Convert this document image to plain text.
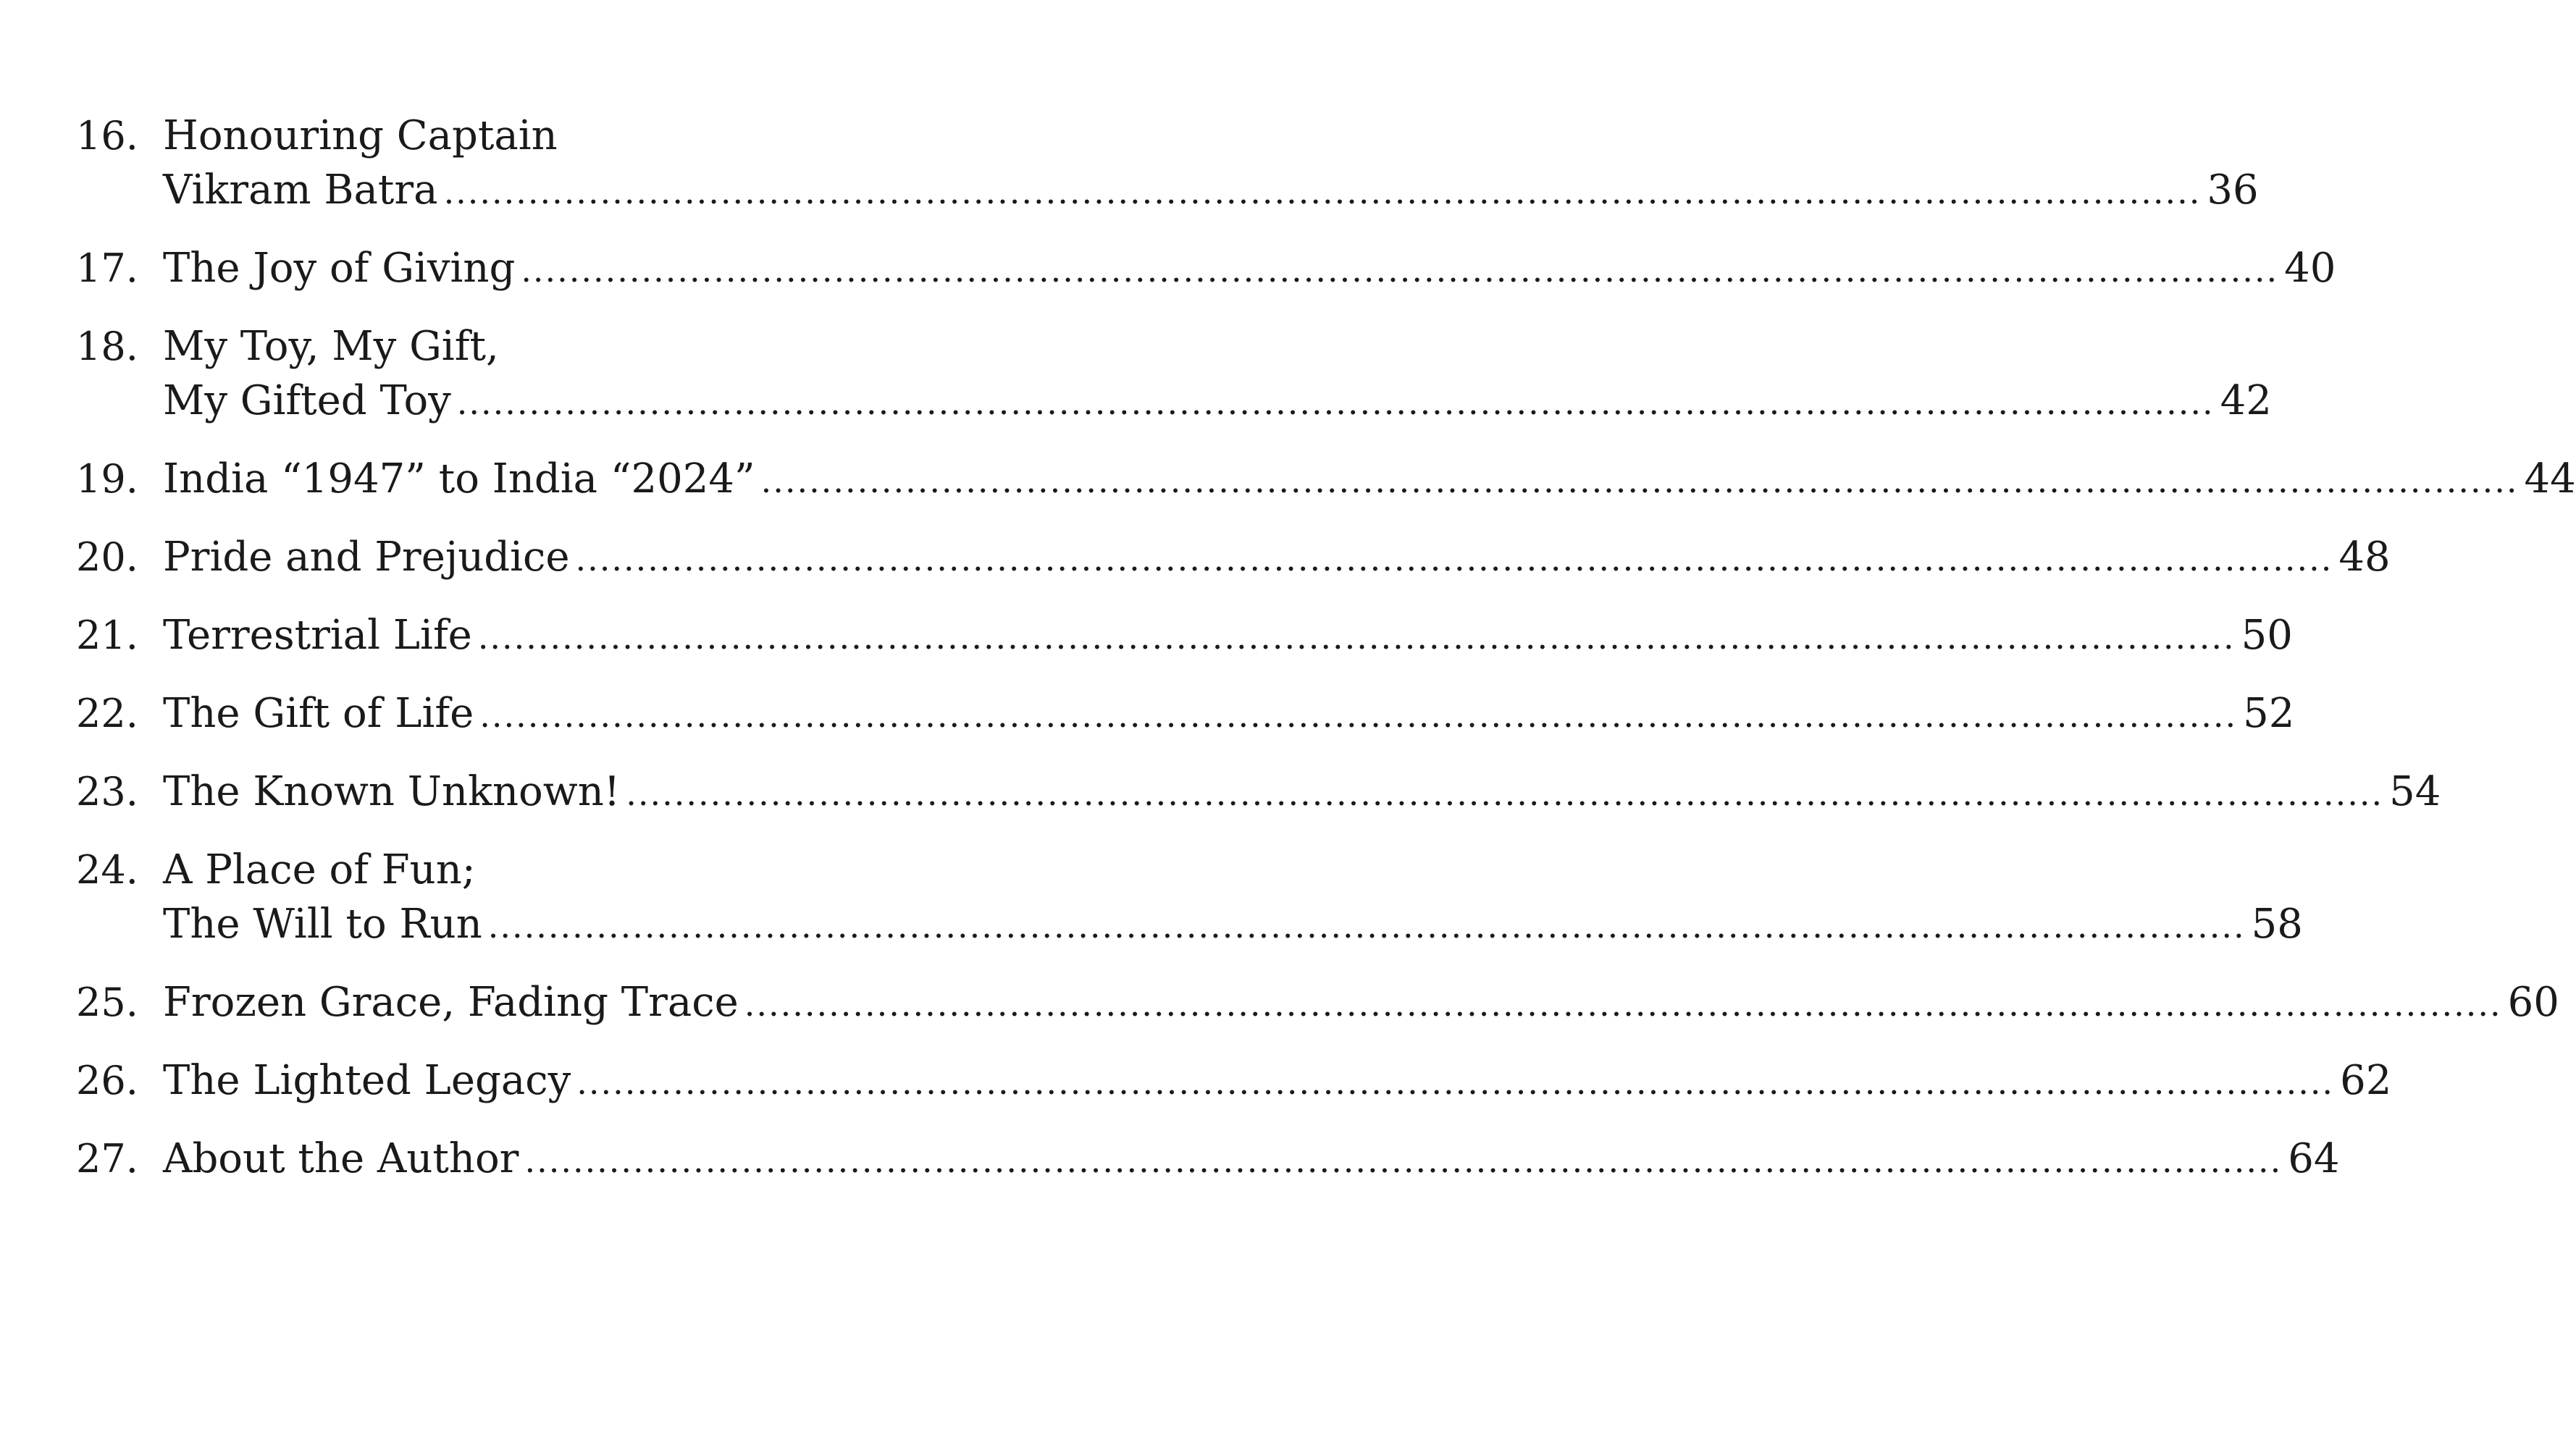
16. Honouring Captain
Vikram Batra .....	36
17. The Joy of Giving .....	40
18. My Toy, My Gift,
My Gifted Toy .....	42
19. India “1947” to India “2024” .....	44
20. Pride and Prejudice .....	48
21. Terrestrial Life .....	50
22. The Gift of Life .....	52
23. The Known Unknown! .....	54
24. A Place of Fun;
The Will to Run .....	58
25. Frozen Grace, Fading Trace .....	60
26. The Lighted Legacy .....	62
27. About the Author .....	64
